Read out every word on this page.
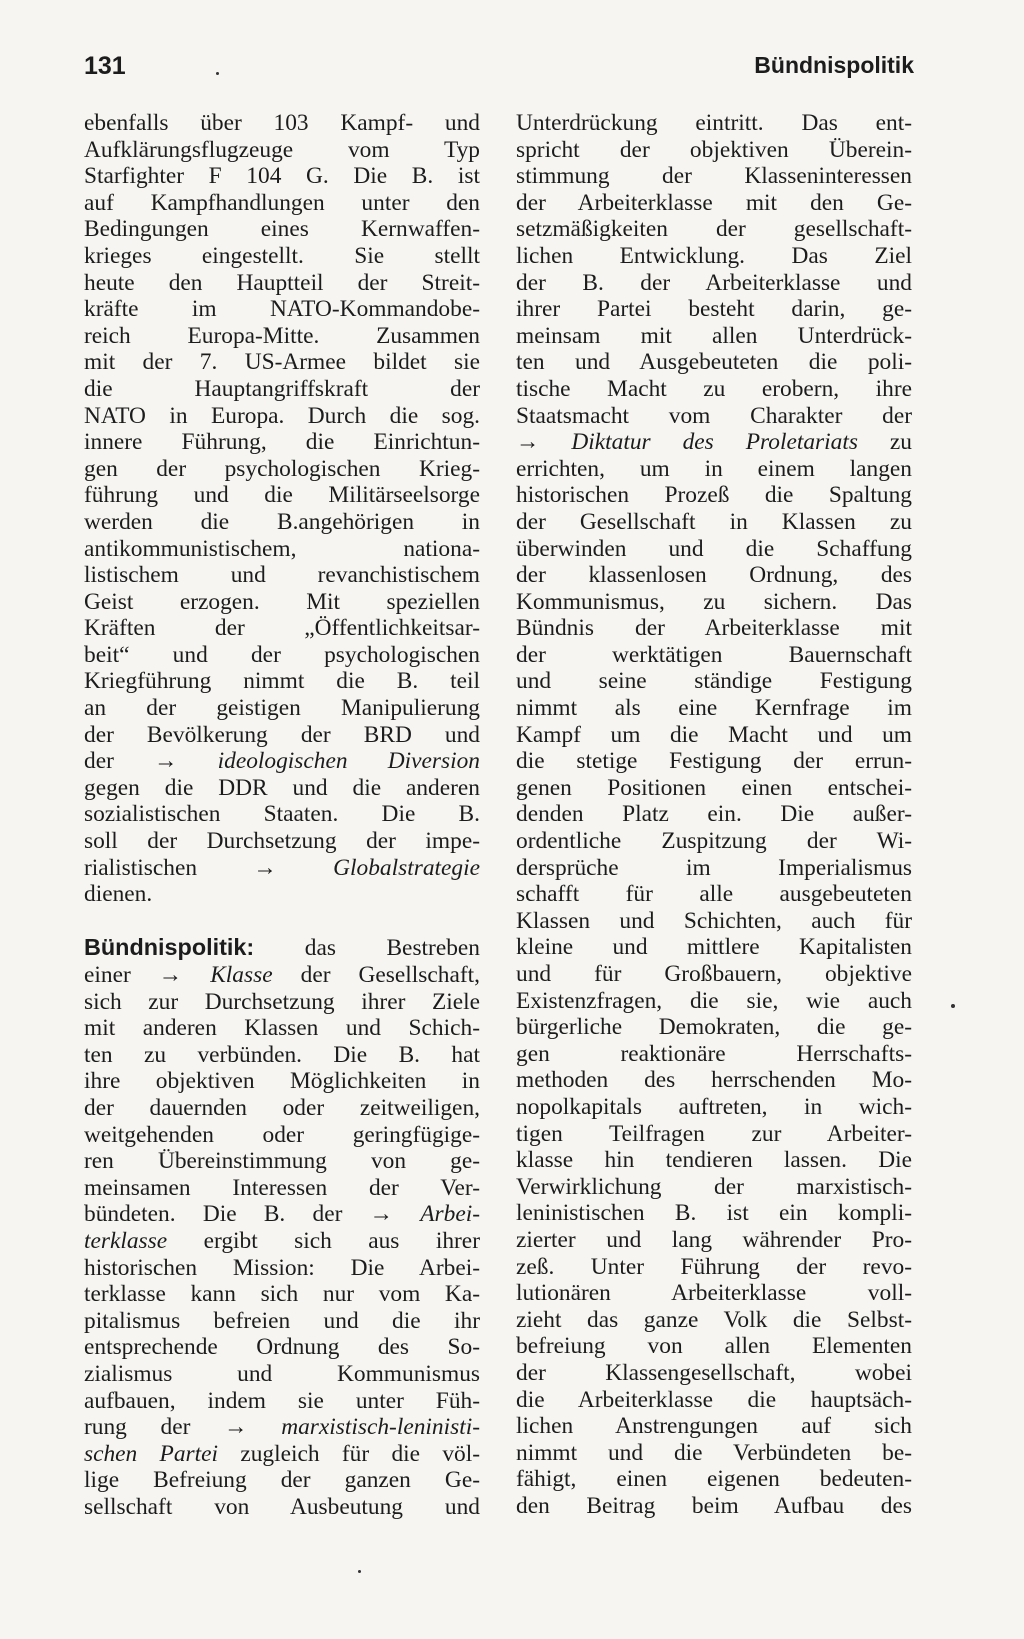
131	Bündnispolitik
ebenfalls über 103 Kampf- und
Aufklärungsflugzeuge vom Typ
Starfighter F 104 G. Die B. ist
auf Kampfhandlungen unter den
Bedingungen eines Kernwaffen-
krieges eingestellt. Sie stellt
heute den Hauptteil der Streit-
kräfte im NATO-Kommandobe-
reich Europa-Mitte. Zusammen
mit der 7. US-Armee bildet sie
die Hauptangriffskraft der
NATO in Europa. Durch die sog.
innere Führung, die Einrichtun-
gen der psychologischen Krieg-
führung und die Militärseelsorge
werden die B.angehörigen in
antikommunistischem, nationa-
listischem und revanchistischem
Geist erzogen. Mit speziellen
Kräften der „Öffentlichkeitsar-
beit“ und der psychologischen
Kriegführung nimmt die B. teil
an der geistigen Manipulierung
der Bevölkerung der BRD und
der → ideologischen Diversion
gegen die DDR und die anderen
sozialistischen Staaten. Die B.
soll der Durchsetzung der impe-
rialistischen → Globalstrategie
dienen.
Bündnispolitik: das Bestreben
einer → Klasse der Gesellschaft,
sich zur Durchsetzung ihrer Ziele
mit anderen Klassen und Schich-
ten zu verbünden. Die B. hat
ihre objektiven Möglichkeiten in
der dauernden oder zeitweiligen,
weitgehenden oder geringfügige-
ren Übereinstimmung von ge-
meinsamen Interessen der Ver-
bündeten. Die B. der → Arbei-
terklasse ergibt sich aus ihrer
historischen Mission: Die Arbei-
terklasse kann sich nur vom Ka-
pitalismus befreien und die ihr
entsprechende Ordnung des So-
zialismus und Kommunismus
aufbauen, indem sie unter Füh-
rung der → marxistisch-leninisti-
schen Partei zugleich für die völ-
lige Befreiung der ganzen Ge-
sellschaft von Ausbeutung und
Unterdrückung eintritt. Das ent-
spricht der objektiven Überein-
stimmung der Klasseninteressen
der Arbeiterklasse mit den Ge-
setzmäßigkeiten der gesellschaft-
lichen Entwicklung. Das Ziel
der B. der Arbeiterklasse und
ihrer Partei besteht darin, ge-
meinsam mit allen Unterdrück-
ten und Ausgebeuteten die poli-
tische Macht zu erobern, ihre
Staatsmacht vom Charakter der
→ Diktatur des Proletariats zu
errichten, um in einem langen
historischen Prozeß die Spaltung
der Gesellschaft in Klassen zu
überwinden und die Schaffung
der klassenlosen Ordnung, des
Kommunismus, zu sichern. Das
Bündnis der Arbeiterklasse mit
der werktätigen Bauernschaft
und seine ständige Festigung
nimmt als eine Kernfrage im
Kampf um die Macht und um
die stetige Festigung der errun-
genen Positionen einen entschei-
denden Platz ein. Die außer-
ordentliche Zuspitzung der Wi-
dersprüche im Imperialismus
schafft für alle ausgebeuteten
Klassen und Schichten, auch für
kleine und mittlere Kapitalisten
und für Großbauern, objektive
Existenzfragen, die sie, wie auch
bürgerliche Demokraten, die ge-
gen reaktionäre Herrschafts-
methoden des herrschenden Mo-
nopolkapitals auftreten, in wich-
tigen Teilfragen zur Arbeiter-
klasse hin tendieren lassen. Die
Verwirklichung der marxistisch-
leninistischen B. ist ein kompli-
zierter und lang währender Pro-
zeß. Unter Führung der revo-
lutionären Arbeiterklasse voll-
zieht das ganze Volk die Selbst-
befreiung von allen Elementen
der Klassengesellschaft, wobei
die Arbeiterklasse die hauptsäch-
lichen Anstrengungen auf sich
nimmt und die Verbündeten be-
fähigt, einen eigenen bedeuten-
den Beitrag beim Aufbau des
